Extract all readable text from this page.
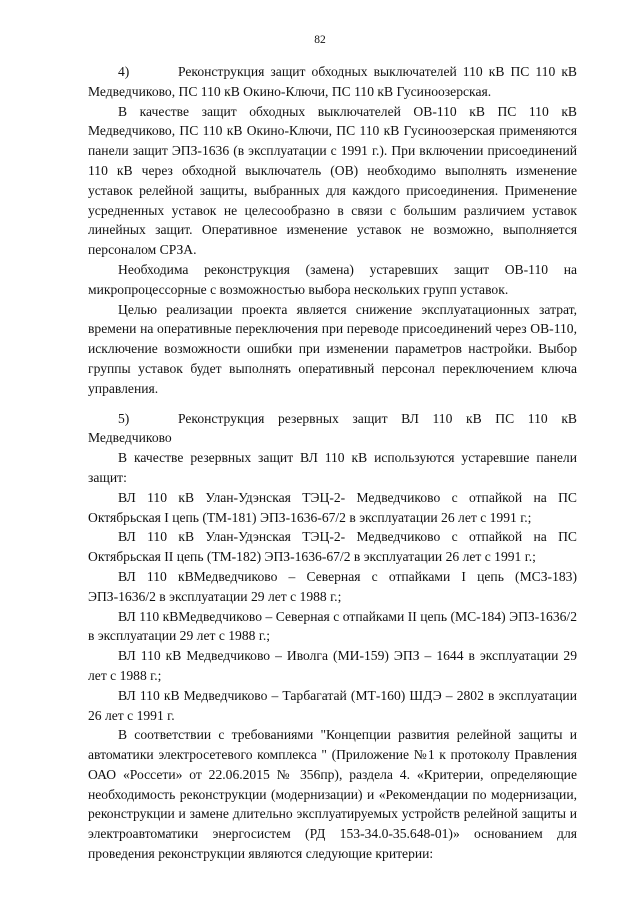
82

4)	Реконструкция защит обходных выключателей 110 кВ ПС 110 кВ Медведчиково, ПС 110 кВ Окино-Ключи, ПС 110 кВ Гусиноозерская.

В качестве защит обходных выключателей ОВ-110 кВ ПС 110 кВ Медведчиково, ПС 110 кВ Окино-Ключи, ПС 110 кВ Гусиноозерская применяются панели защит ЭПЗ-1636 (в эксплуатации с 1991 г.). При включении присоединений 110 кВ через обходной выключатель (ОВ) необходимо выполнять изменение уставок релейной защиты, выбранных для каждого присоединения. Применение усредненных уставок не целесообразно в связи с большим различием уставок линейных защит. Оперативное изменение уставок не возможно, выполняется персоналом СРЗА.

Необходима реконструкция (замена) устаревших защит ОВ-110 на микропроцессорные с возможностью выбора нескольких групп уставок.

Целью реализации проекта является снижение эксплуатационных затрат, времени на оперативные переключения при переводе присоединений через ОВ-110, исключение возможности ошибки при изменении параметров настройки. Выбор группы уставок будет выполнять оперативный персонал переключением ключа управления.

5)	Реконструкция резервных защит ВЛ 110 кВ ПС 110 кВ Медведчиково

В качестве резервных защит ВЛ 110 кВ используются устаревшие панели защит:

ВЛ 110 кВ Улан-Удэнская ТЭЦ-2- Медведчиково с отпайкой на ПС Октябрьская I цепь (ТМ-181) ЭПЗ-1636-67/2 в эксплуатации 26 лет с 1991 г.;

ВЛ 110 кВ Улан-Удэнская ТЭЦ-2- Медведчиково с отпайкой на ПС Октябрьская II цепь (ТМ-182) ЭПЗ-1636-67/2 в эксплуатации 26 лет с 1991 г.;

ВЛ 110 кВМедведчиково – Северная с отпайками I цепь (МСЗ-183) ЭПЗ-1636/2 в эксплуатации 29 лет с 1988 г.;

ВЛ 110 кВМедведчиково – Северная с отпайками II цепь (МС-184) ЭПЗ-1636/2 в эксплуатации 29 лет с 1988 г.;

ВЛ 110 кВ Медведчиково – Иволга (МИ-159) ЭПЗ – 1644 в эксплуатации 29 лет с 1988 г.;

ВЛ 110 кВ Медведчиково – Тарбагатай (МТ-160) ШДЭ – 2802 в эксплуатации 26 лет с 1991 г.

В соответствии с требованиями "Концепции развития релейной защиты и автоматики электросетевого комплекса " (Приложение №1 к протоколу Правления ОАО «Россети» от 22.06.2015 № 356пр), раздела 4. «Критерии, определяющие необходимость реконструкции (модернизации) и «Рекомендации по модернизации, реконструкции и замене длительно эксплуатируемых устройств релейной защиты и электроавтоматики энергосистем (РД 153-34.0-35.648-01)» основанием для проведения реконструкции являются следующие критерии:
